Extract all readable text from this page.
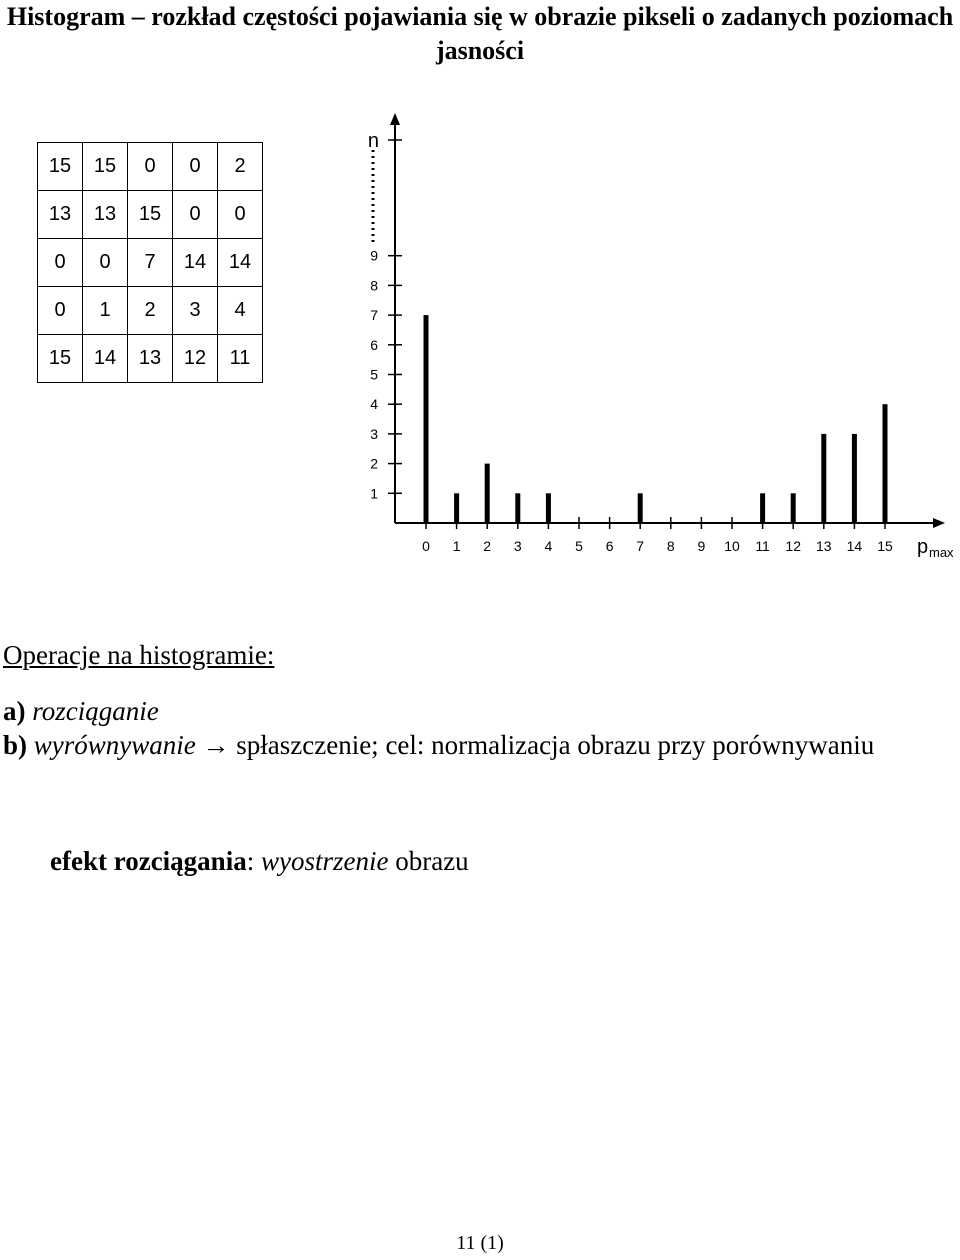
Histogram – rozkład częstości pojawiania się w obrazie pikseli o zadanych poziomach jasności
15	15	0	0	2
13	13	15	0	0
0	0	7	14	14
0	1	2	3	4
15	14	13	12	11
1
2
3
4
5
6
7
8
9
n
0 1 2 3 4 5 6 7 8 9 10 11 12 13 14 15 p max
Operacje na histogramie:
a) rozciąganie
b) wyrównywanie → spłaszczenie; cel: normalizacja obrazu przy porównywaniu
efekt rozciągania: wyostrzenie obrazu
11 (1)
